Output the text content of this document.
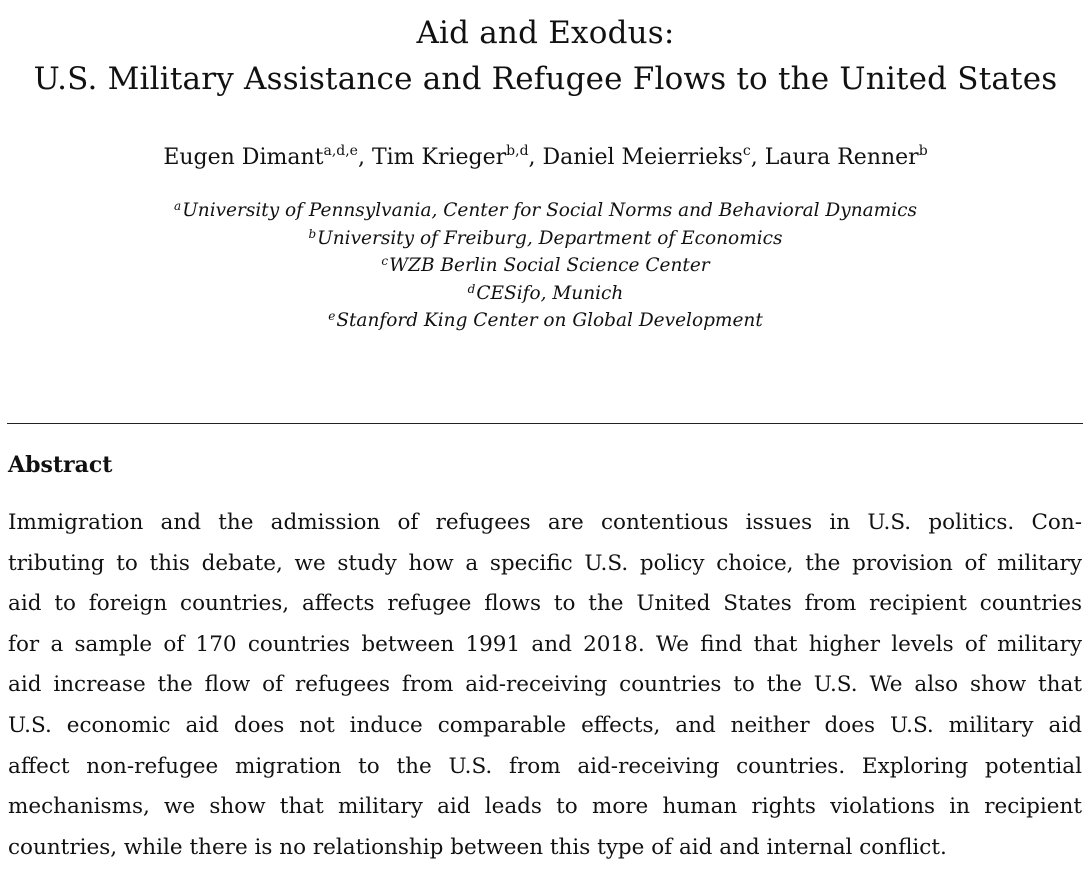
Aid and Exodus:
U.S. Military Assistance and Refugee Flows to the United States
Eugen Dimant$^{a,d,e}$, Tim Krieger$^{b,d}$, Daniel Meierrieks$^c$, Laura Renner$^b$
$^a$University of Pennsylvania, Center for Social Norms and Behavioral Dynamics
$^b$University of Freiburg, Department of Economics
$^c$WZB Berlin Social Science Center
$^d$CESifo, Munich
$^e$Stanford King Center on Global Development
Abstract
Immigration and the admission of refugees are contentious issues in U.S. politics. Con-
tributing to this debate, we study how a specific U.S. policy choice, the provision of military
aid to foreign countries, affects refugee flows to the United States from recipient countries
for a sample of 170 countries between 1991 and 2018. We find that higher levels of military
aid increase the flow of refugees from aid-receiving countries to the U.S. We also show that
U.S. economic aid does not induce comparable effects, and neither does U.S. military aid
affect non-refugee migration to the U.S. from aid-receiving countries. Exploring potential
mechanisms, we show that military aid leads to more human rights violations in recipient
countries, while there is no relationship between this type of aid and internal conflict.
